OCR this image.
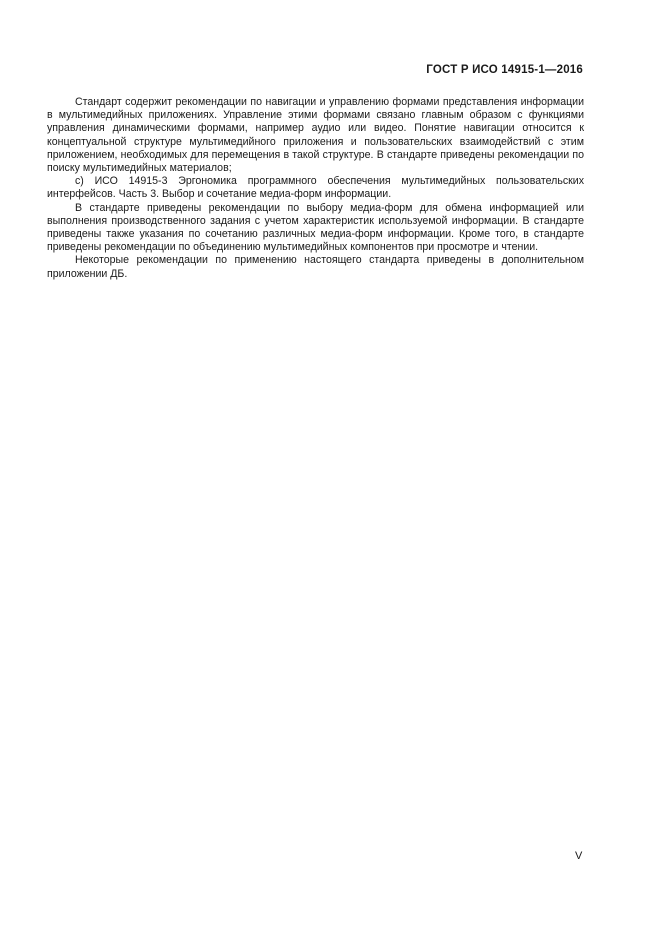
ГОСТ Р ИСО 14915-1—2016

Стандарт содержит рекомендации по навигации и управлению формами представления информации в мультимедийных приложениях. Управление этими формами связано главным образом с функциями управления динамическими формами, например аудио или видео. Понятие навигации относится к концептуальной структуре мультимедийного приложения и пользовательских взаимодействий с этим приложением, необходимых для перемещения в такой структуре. В стандарте приведены рекомендации по поиску мультимедийных материалов;

с) ИСО 14915-3 Эргономика программного обеспечения мультимедийных пользовательских интерфейсов. Часть 3. Выбор и сочетание медиа-форм информации.

В стандарте приведены рекомендации по выбору медиа-форм для обмена информацией или выполнения производственного задания с учетом характеристик используемой информации. В стандарте приведены также указания по сочетанию различных медиа-форм информации. Кроме того, в стандарте приведены рекомендации по объединению мультимедийных компонентов при просмотре и чтении.

Некоторые рекомендации по применению настоящего стандарта приведены в дополнительном приложении ДБ.

V
